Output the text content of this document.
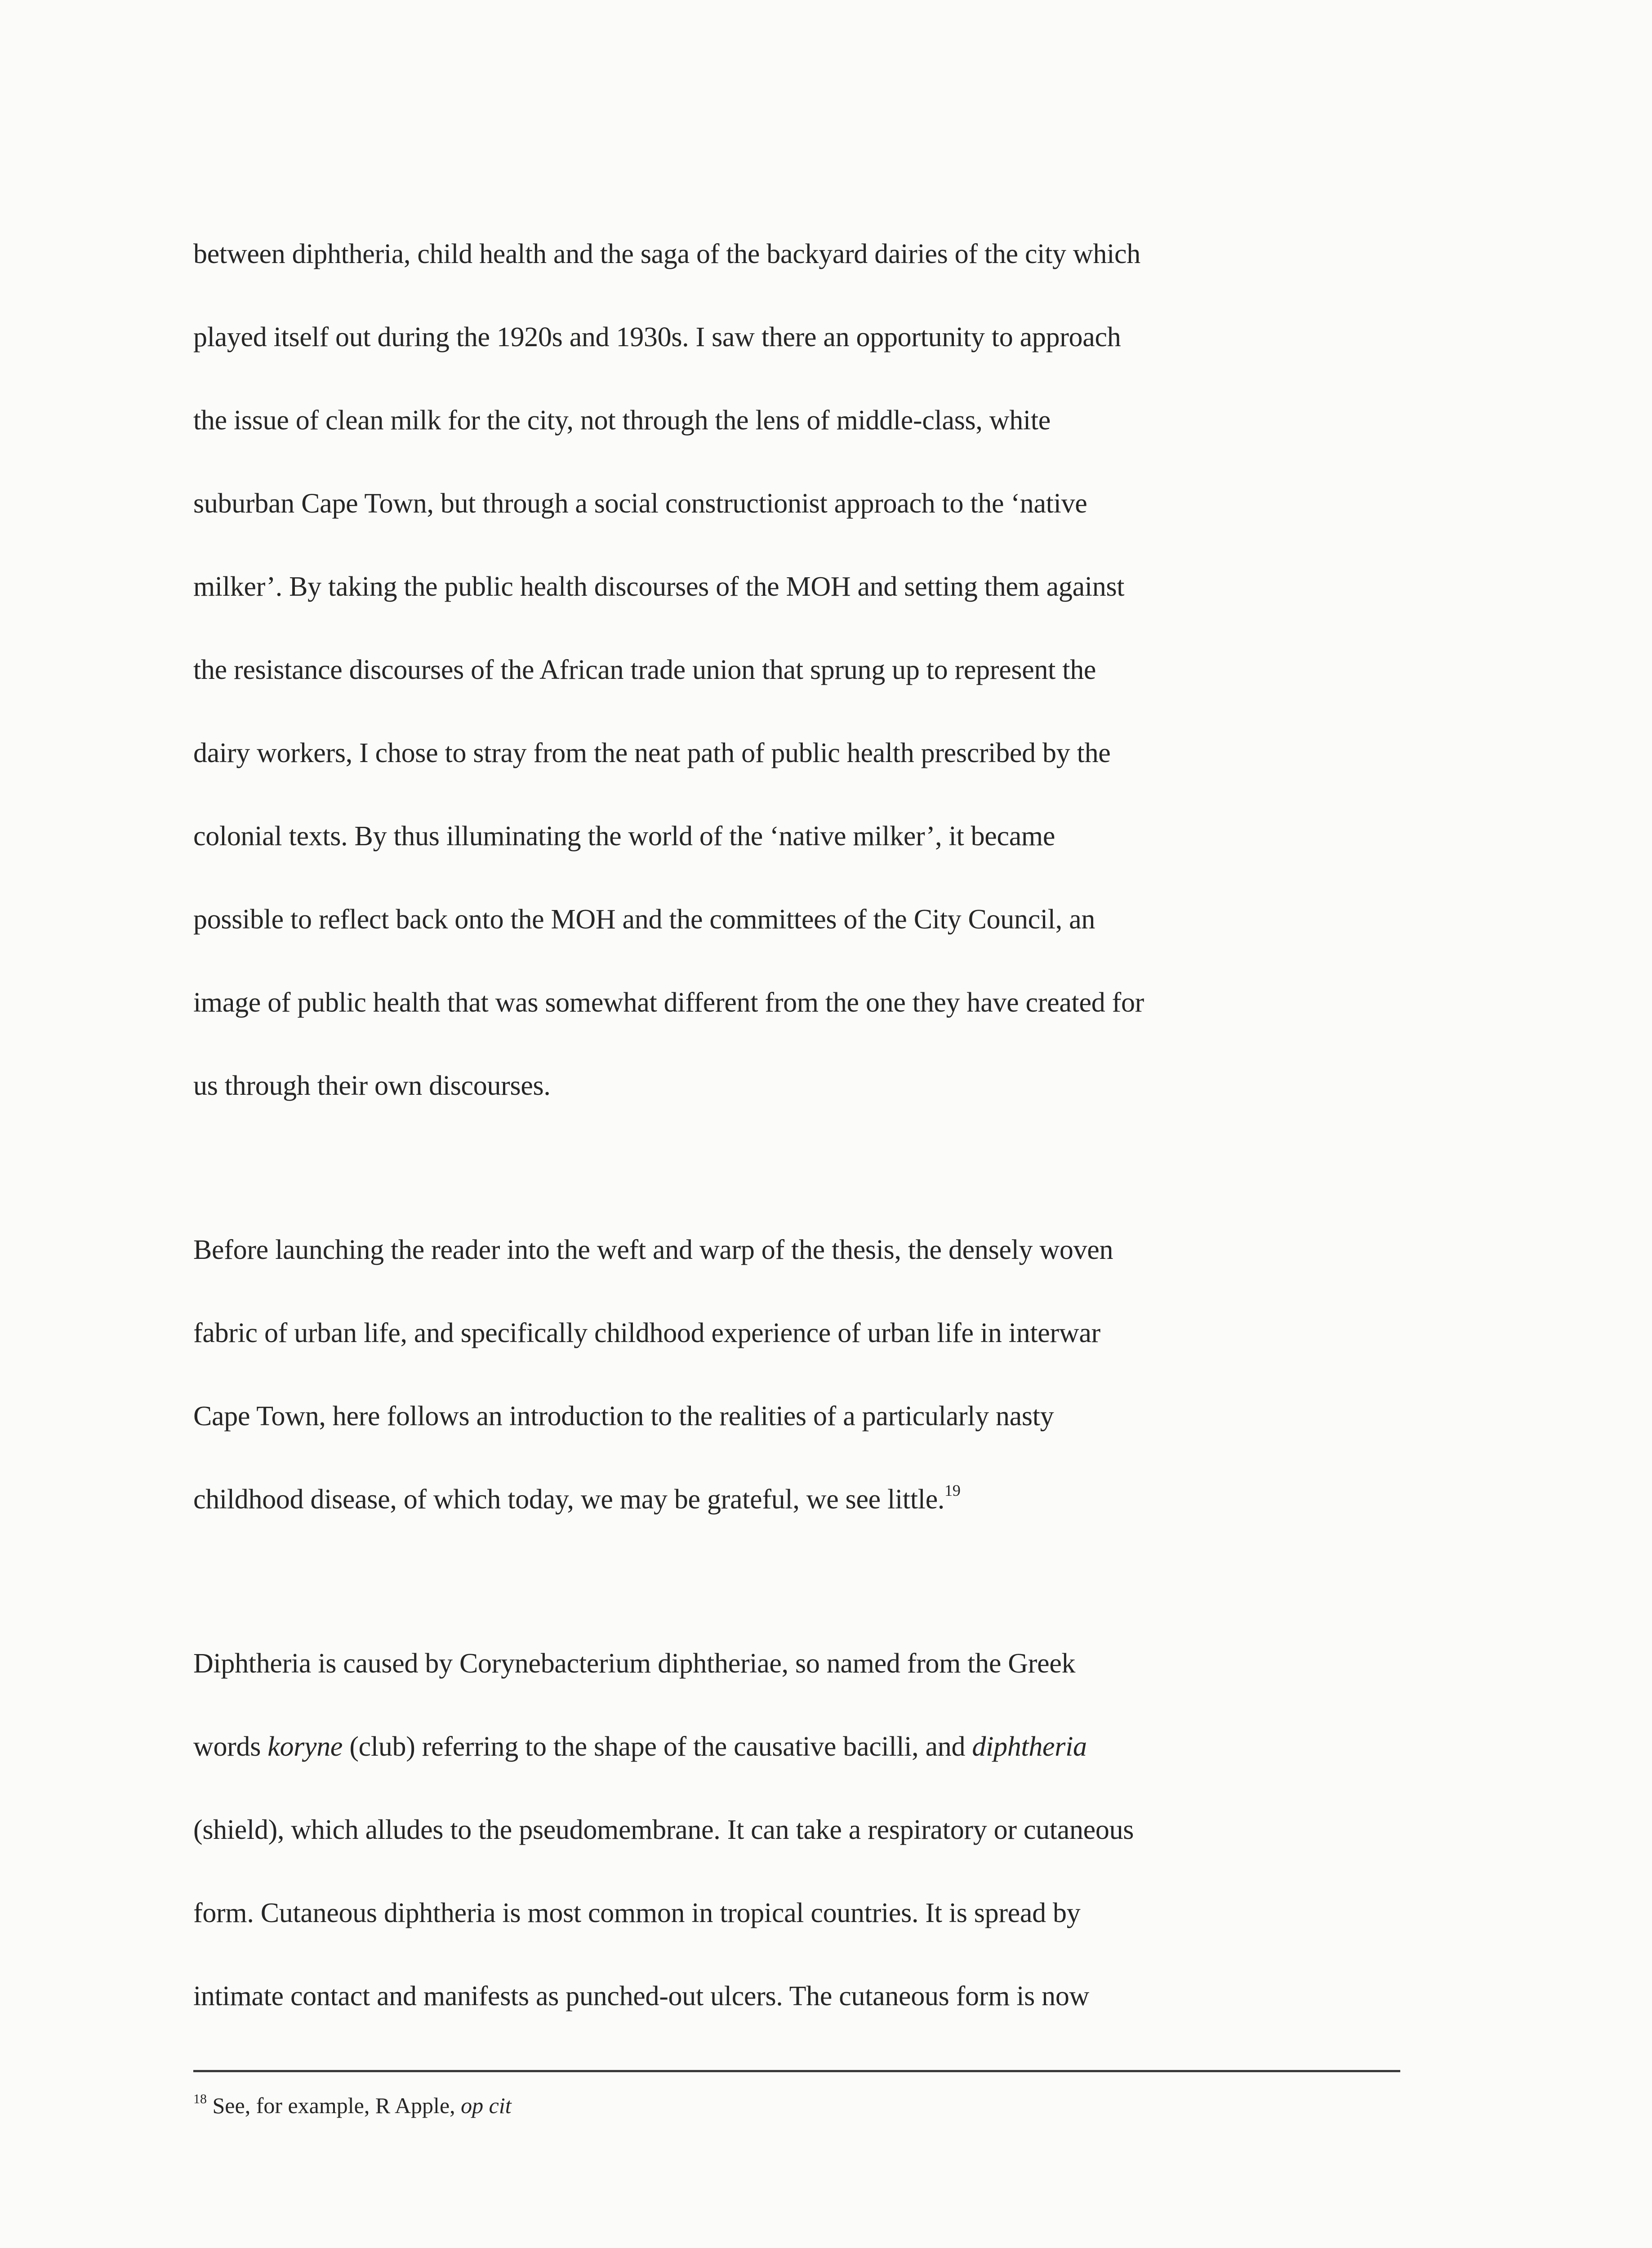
between diphtheria, child health and the saga of the backyard dairies of the city which
played itself out during the 1920s and 1930s. I saw there an opportunity to approach
the issue of clean milk for the city, not through the lens of middle-class, white
suburban Cape Town, but through a social constructionist approach to the ‘native
milker’. By taking the public health discourses of the MOH and setting them against
the resistance discourses of the African trade union that sprung up to represent the
dairy workers, I chose to stray from the neat path of public health prescribed by the
colonial texts. By thus illuminating the world of the ‘native milker’, it became
possible to reflect back onto the MOH and the committees of the City Council, an
image of public health that was somewhat different from the one they have created for
us through their own discourses.
Before launching the reader into the weft and warp of the thesis, the densely woven
fabric of urban life, and specifically childhood experience of urban life in interwar
Cape Town, here follows an introduction to the realities of a particularly nasty
childhood disease, of which today, we may be grateful, we see little.$^{19}$
Diphtheria is caused by Corynebacterium diphtheriae, so named from the Greek
words koryne (club) referring to the shape of the causative bacilli, and diphtheria
(shield), which alludes to the pseudomembrane. It can take a respiratory or cutaneous
form. Cutaneous diphtheria is most common in tropical countries. It is spread by
intimate contact and manifests as punched-out ulcers. The cutaneous form is now
$^{18}$ See, for example, R Apple, op cit
